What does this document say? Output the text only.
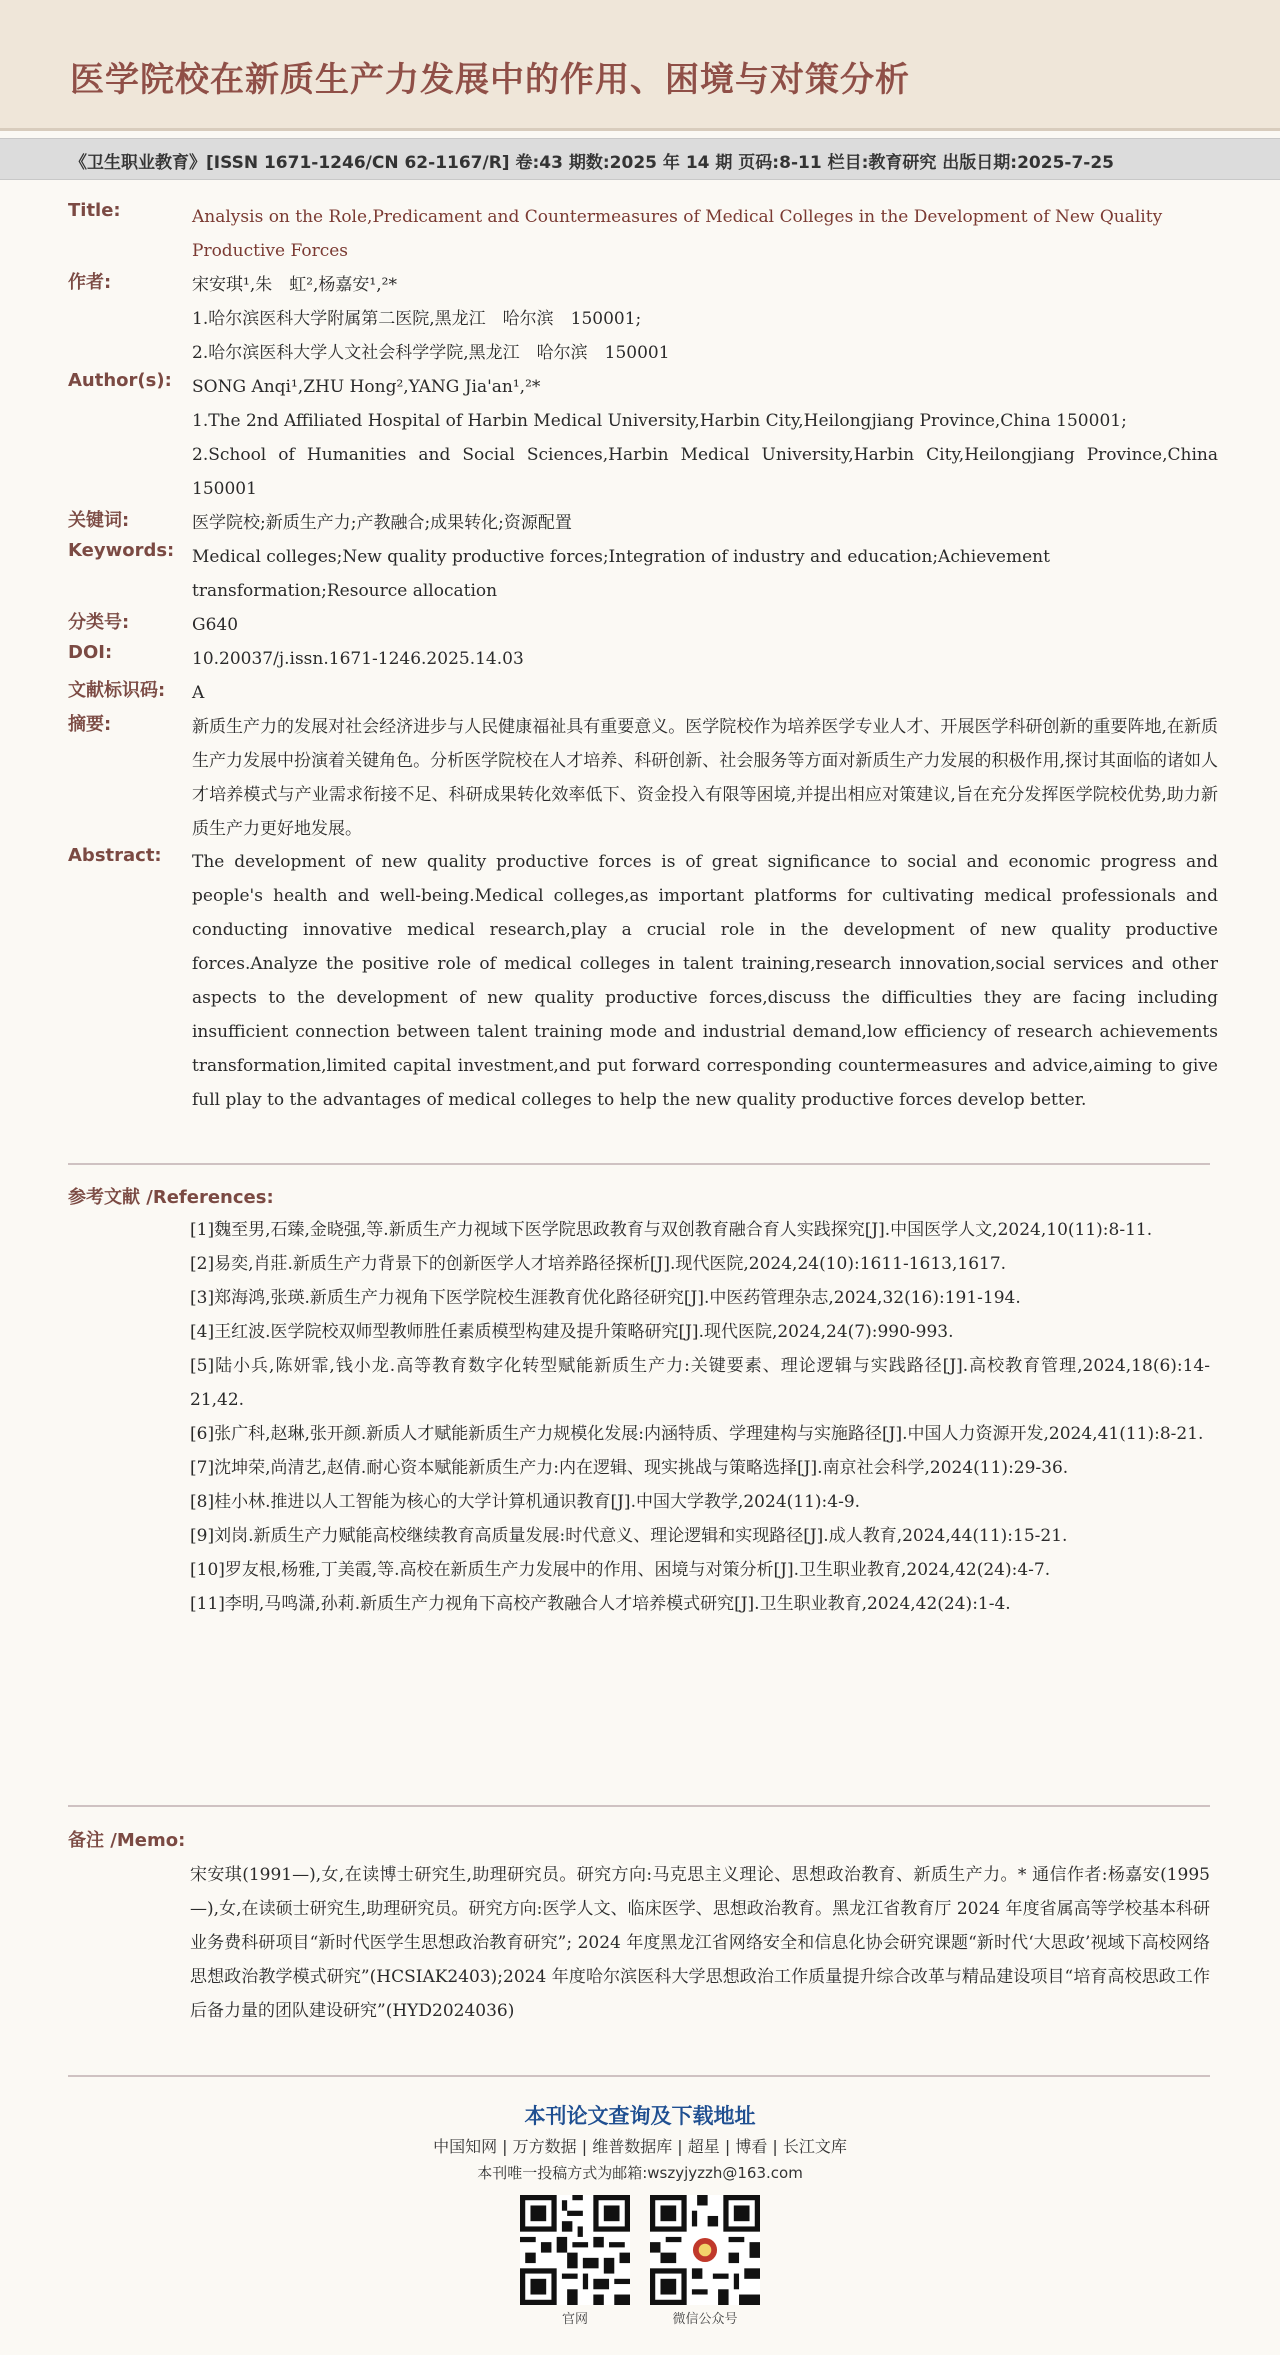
医学院校在新质生产力发展中的作用、困境与对策分析
《卫生职业教育》[ISSN 1671-1246/CN 62-1167/R] 卷:43 期数:2025 年 14 期 页码:8-11 栏目:教育研究 出版日期:2025-7-25
Title:	Analysis on the Role,Predicament and Countermeasures of Medical Colleges in the Development of New Quality Productive Forces
作者:	宋安琪¹,朱　虹²,杨嘉安¹,²*
1.哈尔滨医科大学附属第二医院,黑龙江　哈尔滨　150001;
2.哈尔滨医科大学人文社会科学学院,黑龙江　哈尔滨　150001
Author(s): SONG Anqi¹,ZHU Hong²,YANG Jia'an¹,²*
1.The 2nd Affiliated Hospital of Harbin Medical University,Harbin City,Heilongjiang Province,China 150001;
2.School of Humanities and Social Sciences,Harbin Medical University,Harbin City,Heilongjiang Province,China 150001
关键词:	医学院校;新质生产力;产教融合;成果转化;资源配置
Keywords: Medical colleges;New quality productive forces;Integration of industry and education;Achievement transformation;Resource allocation
分类号:	G640
DOI:	10.20037/j.issn.1671-1246.2025.14.03
文献标识码: A
摘要:	新质生产力的发展对社会经济进步与人民健康福祉具有重要意义。医学院校作为培养医学专业人才、开展医学科研创新的重要阵地,在新质生产力发展中扮演着关键角色。分析医学院校在人才培养、科研创新、社会服务等方面对新质生产力发展的积极作用,探讨其面临的诸如人才培养模式与产业需求衔接不足、科研成果转化效率低下、资金投入有限等困境,并提出相应对策建议,旨在充分发挥医学院校优势,助力新质生产力更好地发展。

Abstract: The development of new quality productive forces is of great significance to social and economic progress and people's health and well-being.Medical colleges,as important platforms for cultivating medical professionals and conducting innovative medical research,play a crucial role in the development of new quality productive forces.Analyze the positive role of medical colleges in talent training,research innovation,social services and other aspects to the development of new quality productive forces,discuss the difficulties they are facing including insufficient connection between talent training mode and industrial demand,low efficiency of research achievements transformation,limited capital investment,and put forward corresponding countermeasures and advice,aiming to give full play to the advantages of medical colleges to help the new quality productive forces develop better.

参考文献 /References:

[1]魏至男,石臻,金晓强,等.新质生产力视域下医学院思政教育与双创教育融合育人实践探究[J].中国医学人文,2024,10(11):8-11.

[2]易奕,肖莊.新质生产力背景下的创新医学人才培养路径探析[J].现代医院,2024,24(10):1611-1613,1617.

[3]郑海鸿,张瑛.新质生产力视角下医学院校生涯教育优化路径研究[J].中医药管理杂志,2024,32(16):191-194.

[4]王红波.医学院校双师型教师胜任素质模型构建及提升策略研究[J].现代医院,2024,24(7):990-993.

[5]陆小兵,陈妍霏,钱小龙.高等教育数字化转型赋能新质生产力:关键要素、理论逻辑与实践路径[J].高校教育管理,2024,18(6):14-21,42.

[6]张广科,赵琳,张开颜.新质人才赋能新质生产力规模化发展:内涵特质、学理建构与实施路径[J].中国人力资源开发,2024,41(11):8-21.

[7]沈坤荣,尚清艺,赵倩.耐心资本赋能新质生产力:内在逻辑、现实挑战与策略选择[J].南京社会科学,2024(11):29-36.

[8]桂小林.推进以人工智能为核心的大学计算机通识教育[J].中国大学教学,2024(11):4-9.

[9]刘岗.新质生产力赋能高校继续教育高质量发展:时代意义、理论逻辑和实现路径[J].成人教育,2024,44(11):15-21.

[10]罗友根,杨雅,丁美霞,等.高校在新质生产力发展中的作用、困境与对策分析[J].卫生职业教育,2024,42(24):4-7.

[11]李明,马鸣潇,孙莉.新质生产力视角下高校产教融合人才培养模式研究[J].卫生职业教育,2024,42(24):1-4.

备注 /Memo:
宋安琪(1991—),女,在读博士研究生,助理研究员。研究方向:马克思主义理论、思想政治教育、新质生产力。* 通信作者:杨嘉安(1995—),女,在读硕士研究生,助理研究员。研究方向:医学人文、临床医学、思想政治教育。黑龙江省教育厅 2024 年度省属高等学校基本科研业务费科研项目“新时代医学生思想政治教育研究”; 2024 年度黑龙江省网络安全和信息化协会研究课题“新时代‘大思政’视域下高校网络思想政治教学模式研究”(HCSIAK2403);2024 年度哈尔滨医科大学思想政治工作质量提升综合改革与精品建设项目“培育高校思政工作后备力量的团队建设研究”(HYD2024036)
本刊论文查询及下载地址
中国知网 | 万方数据 | 维普数据库 | 超星 | 博看 | 长江文库
本刊唯一投稿方式为邮箱:wszyjyzzh@163.com
官网	微信公众号
